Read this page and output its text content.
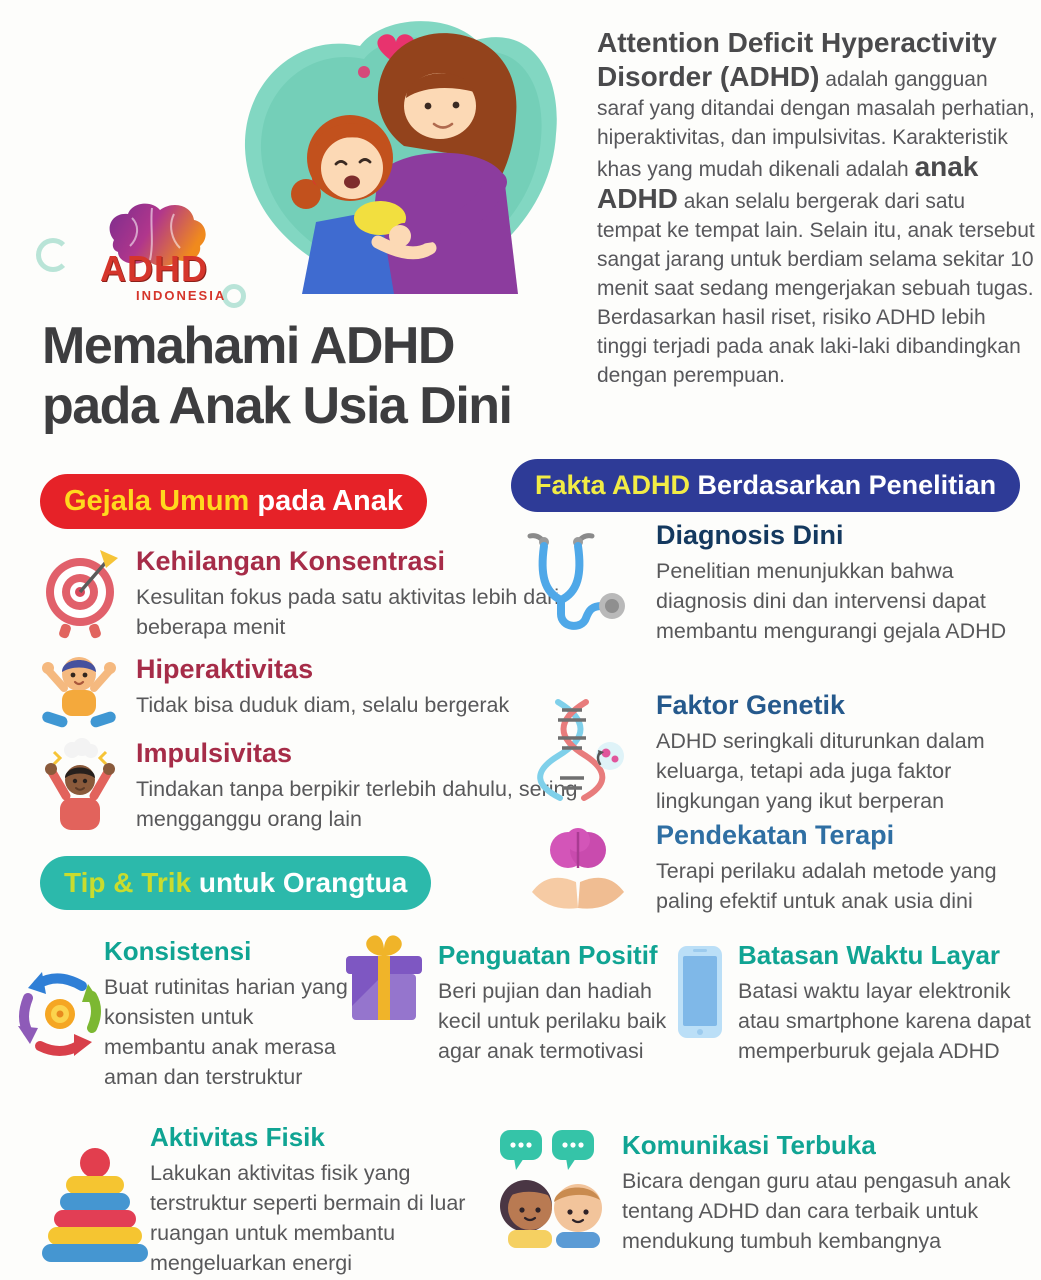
ADHD
INDONESIA

Attention Deficit Hyperactivity Disorder (ADHD) adalah gangguan saraf yang ditandai dengan masalah perhatian, hiperaktivitas, dan impulsivitas. Karakteristik khas yang mudah dikenali adalah anak ADHD akan selalu bergerak dari satu tempat ke tempat lain. Selain itu, anak tersebut sangat jarang untuk berdiam selama sekitar 10 menit saat sedang mengerjakan sebuah tugas. Berdasarkan hasil riset, risiko ADHD lebih tinggi terjadi pada anak laki-laki dibandingkan dengan perempuan.

Memahami ADHD
pada Anak Usia Dini
Gejala Umum pada Anak
Kehilangan Konsentrasi
Kesulitan fokus pada satu aktivitas lebih dari beberapa menit
Hiperaktivitas
Tidak bisa duduk diam, selalu bergerak
Impulsivitas
Tindakan tanpa berpikir terlebih dahulu, sering mengganggu orang lain
Fakta ADHD Berdasarkan Penelitian
Diagnosis Dini
Penelitian menunjukkan bahwa diagnosis dini dan intervensi dapat membantu mengurangi gejala ADHD
Faktor Genetik
ADHD seringkali diturunkan dalam keluarga, tetapi ada juga faktor lingkungan yang ikut berperan
Pendekatan Terapi
Terapi perilaku adalah metode yang paling efektif untuk anak usia dini
Tip & Trik untuk Orangtua
Konsistensi
Buat rutinitas harian yang konsisten untuk membantu anak merasa aman dan terstruktur
Penguatan Positif
Beri pujian dan hadiah kecil untuk perilaku baik agar anak termotivasi
Batasan Waktu Layar
Batasi waktu layar elektronik atau smartphone karena dapat memperburuk gejala ADHD
Aktivitas Fisik
Lakukan aktivitas fisik yang terstruktur seperti bermain di luar ruangan untuk membantu mengeluarkan energi
Komunikasi Terbuka
Bicara dengan guru atau pengasuh anak tentang ADHD dan cara terbaik untuk mendukung tumbuh kembangnya
